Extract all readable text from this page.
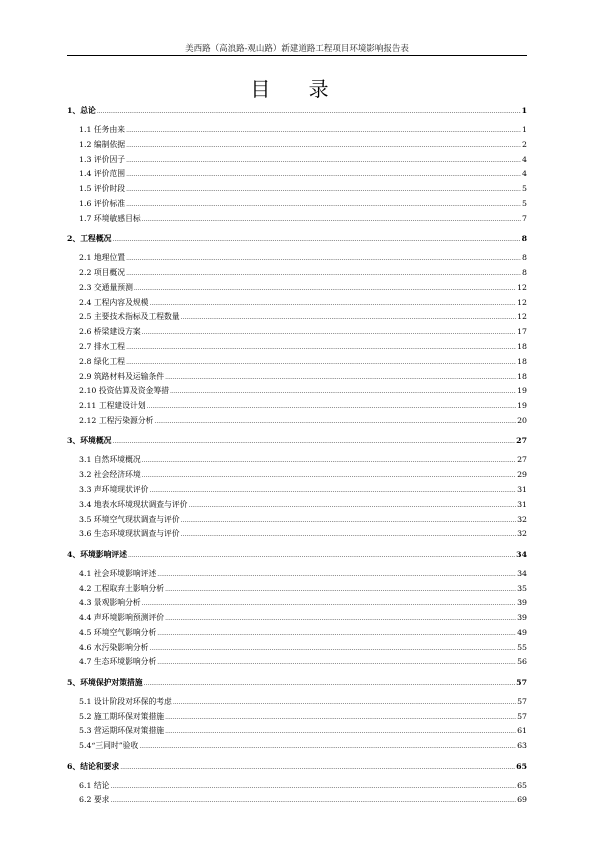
美西路（高浪路-观山路）新建道路工程项目环境影响报告表
目 录
1、总论 .....	1
1.1 任务由来 .....	1
1.2 编制依据 .....	2
1.3 评价因子 .....	4
1.4 评价范围 .....	4
1.5 评价时段 .....	5
1.6 评价标准 .....	5
1.7 环境敏感目标 .....	7
2、工程概况 .....	8
2.1 地理位置 .....	8
2.2 项目概况 .....	8
2.3 交通量预测 .....	12
2.4 工程内容及规模 .....	12
2.5 主要技术指标及工程数量 .....	12
2.6 桥梁建设方案 .....	17
2.7 排水工程 .....	18
2.8 绿化工程 .....	18
2.9 筑路材料及运输条件 .....	18
2.10 投资估算及资金筹措 .....	19
2.11 工程建设计划 .....	19
2.12 工程污染源分析 .....	20
3、环境概况 .....	27
3.1 自然环境概况 .....	27
3.2 社会经济环境 .....	29
3.3 声环境现状评价 .....	31
3.4 地表水环境现状调查与评价 .....	31
3.5 环境空气现状调查与评价 .....	32
3.6 生态环境现状调查与评价 .....	32
4、环境影响评述 .....	34
4.1 社会环境影响评述 .....	34
4.2 工程取弃土影响分析 .....	35
4.3 景观影响分析 .....	39
4.4 声环境影响预测评价 .....	39
4.5 环境空气影响分析 .....	49
4.6 水污染影响分析 .....	55
4.7 生态环境影响分析 .....	56
5、环境保护对策措施 .....	57
5.1 设计阶段对环保的考虑 .....	57
5.2 施工期环保对策措施 .....	57
5.3 营运期环保对策措施 .....	61
5.4“三同时”验收 .....	63
6、结论和要求 .....	65
6.1 结论 .....	65
6.2 要求 .....	69
